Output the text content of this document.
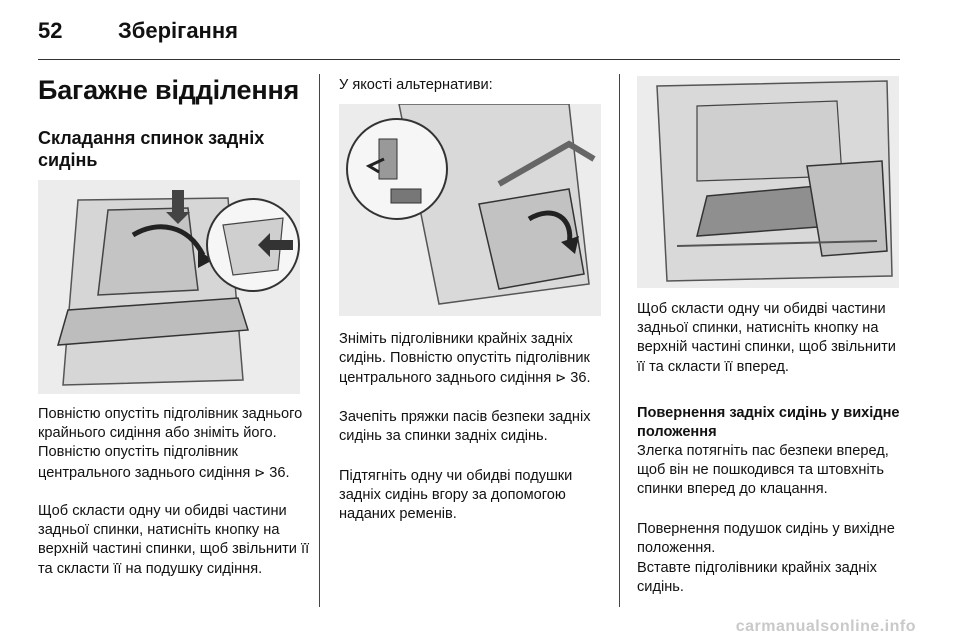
52	Зберігання
Багажне відділення
Складання спинок задніх сидінь

Повністю опустіть підголівник заднього крайнього сидіння або зніміть його. Повністю опустіть підголівник центрального заднього сидіння ⊳ 36.

Щоб скласти одну чи обидві частини задньої спинки, натисніть кнопку на верхній частині спинки, щоб звільнити її та скласти її на подушку сидіння.

У якості альтернативи:

Зніміть підголівники крайніх задніх сидінь. Повністю опустіть підголівник центрального заднього сидіння ⊳ 36.

Зачепіть пряжки пасів безпеки задніх сидінь за спинки задніх сидінь.

Підтягніть одну чи обидві подушки задніх сидінь вгору за допомогою наданих ременів.

Щоб скласти одну чи обидві частини задньої спинки, натисніть кнопку на верхній частині спинки, щоб звільнити її та скласти її вперед.

Повернення задніх сидінь у вихідне положення

Злегка потягніть пас безпеки вперед, щоб він не пошкодився та штовхніть спинки вперед до клацання.

Повернення подушок сидінь у вихідне положення.

Вставте підголівники крайніх задніх сидінь.

carmanualsonline.info
